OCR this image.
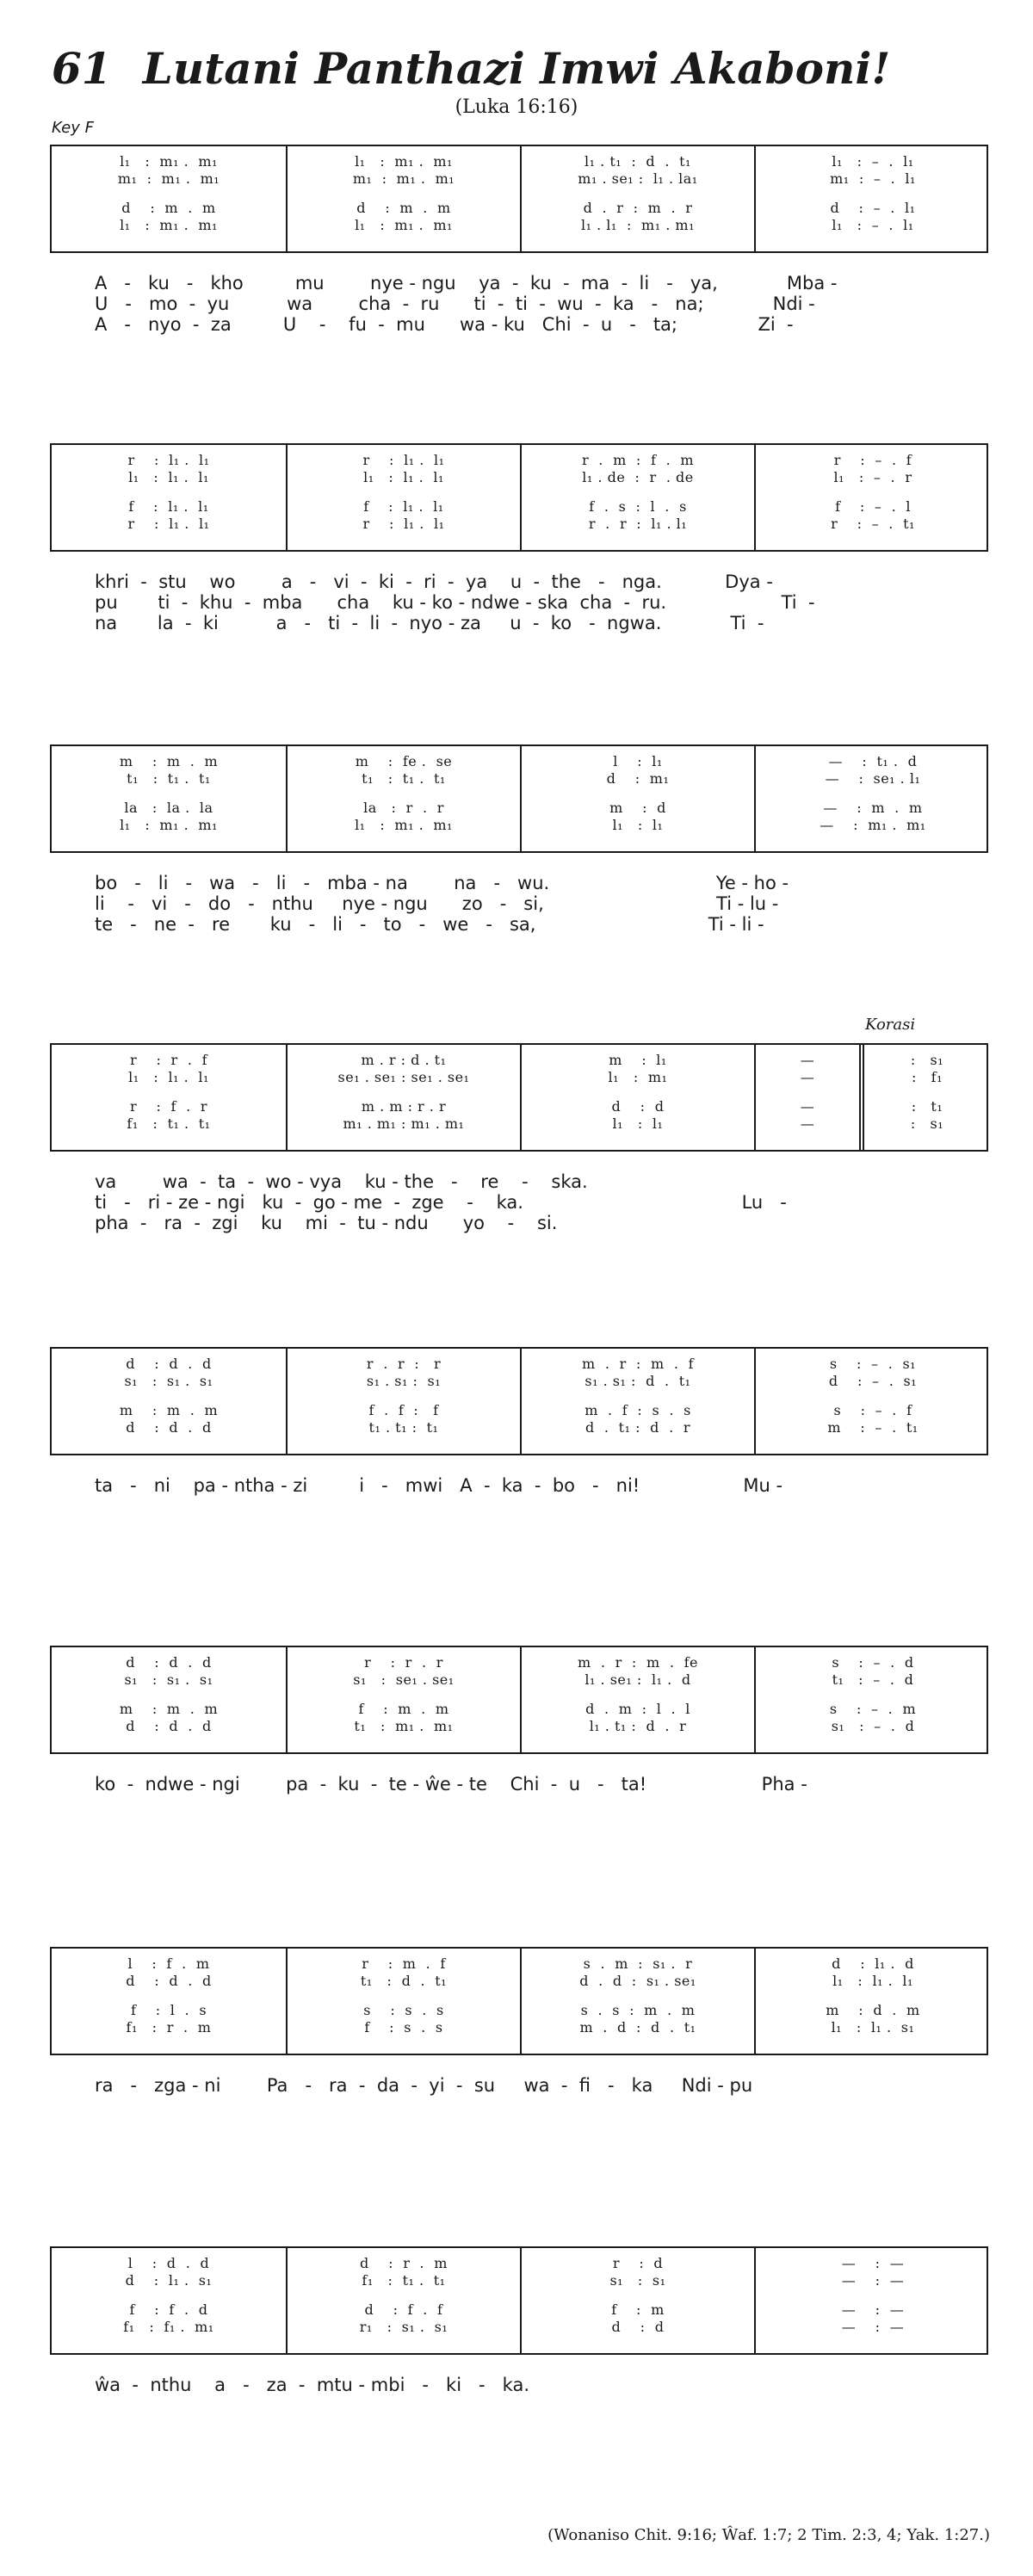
61 Lutani Panthazi Imwi Akaboni!
(Luka 16:16)
Key F
Korasi
l₁   :  m₁ .  m₁
m₁  :  m₁ .  m₁
d    :  m  .  m
l₁   :  m₁ .  m₁
l₁   :  m₁ .  m₁
m₁  :  m₁ .  m₁
d    :  m  .  m
l₁   :  m₁ .  m₁
l₁ . t₁  :  d  .  t₁
m₁ . se₁ :  l₁ . la₁
d  .  r  :  m  .  r
l₁ . l₁  :  m₁ . m₁
l₁   :  –  .  l₁
m₁  :  –  .  l₁
d    :  –  .  l₁
l₁   :  –  .  l₁
A   -   ku   -   kho         mu        nye - ngu    ya  -  ku  -  ma  -  li   -   ya,            Mba -
U   -   mo  -  yu          wa        cha  -  ru      ti  -  ti  -  wu  -  ka   -   na;            Ndi -
A   -   nyo  -  za         U    -    fu  -  mu      wa - ku   Chi  -  u   -   ta;              Zi  -
r    :  l₁ .  l₁
l₁   :  l₁ .  l₁
f    :  l₁ .  l₁
r    :  l₁ .  l₁
r    :  l₁ .  l₁
l₁   :  l₁ .  l₁
f    :  l₁ .  l₁
r    :  l₁ .  l₁
r  .  m  :  f  .  m
l₁ . de  :  r  . de
f  .  s  :  l  .  s
r  .  r  :  l₁ . l₁
r    :  –  .  f
l₁   :  –  .  r
f    :  –  .  l
r    :  –  .  t₁
khri  -  stu    wo        a   -   vi  -  ki  -  ri  -  ya    u  -  the   -   nga.           Dya -
pu       ti  -  khu  -  mba      cha    ku - ko - ndwe - ska  cha  -  ru.                    Ti  -
na       la  -  ki          a   -   ti  -  li  -  nyo - za     u  -  ko   -  ngwa.            Ti  -
m    :  m  .  m
t₁   :  t₁ .  t₁
la   :  la .  la
l₁   :  m₁ .  m₁
m    :  fe .  se
t₁   :  t₁ .  t₁
la   :  r  .  r
l₁   :  m₁ .  m₁
l    :  l₁
d    :  m₁
m    :  d
l₁   :  l₁
—    :  t₁ .  d
—    :  se₁ . l₁
—    :  m  .  m
—    :  m₁ .  m₁
bo   -   li   -   wa   -   li   -   mba - na        na   -   wu.                             Ye - ho -
li    -   vi   -   do   -   nthu     nye - ngu      zo   -   si,                              Ti - lu -
te   -   ne  -   re       ku   -   li   -   to   -   we   -   sa,                              Ti - li -
r    :  r  .  f
l₁   :  l₁ .  l₁
r    :  f  .  r
f₁   :  t₁ .  t₁
m . r : d . t₁
se₁ . se₁ : se₁ . se₁
m . m : r . r
m₁ . m₁ : m₁ . m₁
m    :  l₁
l₁   :  m₁
d    :  d
l₁   :  l₁
—
—
—
—
:   s₁
:   f₁
:   t₁
:   s₁
va        wa  -  ta  -  wo - vya    ku - the   -    re    -    ska.
ti   -   ri - ze - ngi   ku  -  go - me  -  zge    -    ka.                                      Lu   -
pha  -   ra  -  zgi    ku    mi  -  tu - ndu      yo    -    si.
d    :  d  .  d
s₁   :  s₁ .  s₁
m    :  m  .  m
d    :  d  .  d
r  .  r  :   r
s₁ . s₁ :  s₁
f  .  f  :   f
t₁ . t₁ :  t₁
m  .  r  :  m  .  f
s₁ . s₁ :  d  .  t₁
m  .  f  :  s  .  s
d  .  t₁ :  d  .  r
s    :  –  .  s₁
d    :  –  .  s₁
s    :  –  .  f
m    :  –  .  t₁
ta   -   ni    pa - ntha - zi         i   -   mwi   A  -  ka  -  bo   -   ni!                  Mu -
d    :  d  .  d
s₁   :  s₁ .  s₁
m    :  m  .  m
d    :  d  .  d
r    :  r  .  r
s₁   :  se₁ . se₁
f    :  m  .  m
t₁   :  m₁ .  m₁
m  .  r  :  m  .  fe
l₁ . se₁ :  l₁ .  d
d  .  m  :  l  .  l
l₁ . t₁ :  d  .  r
s    :  –  .  d
t₁   :  –  .  d
s    :  –  .  m
s₁   :  –  .  d
ko  -  ndwe - ngi        pa  -  ku  -  te - ŵe - te    Chi  -  u   -   ta!                    Pha -
l    :  f  .  m
d    :  d  .  d
f    :  l  .  s
f₁   :  r  .  m
r    :  m  .  f
t₁   :  d  .  t₁
s    :  s  .  s
f    :  s  .  s
s  .  m  :  s₁ .  r
d  .  d  :  s₁ . se₁
s  .  s  :  m  .  m
m  .  d  :  d  .  t₁
d    :  l₁ .  d
l₁   :  l₁ .  l₁
m    :  d  .  m
l₁   :  l₁ .  s₁
ra   -   zga - ni        Pa   -   ra  -  da  -  yi  -  su     wa  -  fi   -   ka     Ndi - pu
l    :  d  .  d
d    :  l₁ .  s₁
f    :  f  .  d
f₁   :  f₁ .  m₁
d    :  r  .  m
f₁   :  t₁ .  t₁
d    :  f  .  f
r₁   :  s₁ .  s₁
r    :  d
s₁   :  s₁
f    :  m
d    :  d
—    :  —
—    :  —
—    :  —
—    :  —
ŵa  -  nthu    a   -   za  -  mtu - mbi   -   ki   -   ka.
(Wonaniso Chit. 9:16; Ŵaf. 1:7; 2 Tim. 2:3, 4; Yak. 1:27.)
